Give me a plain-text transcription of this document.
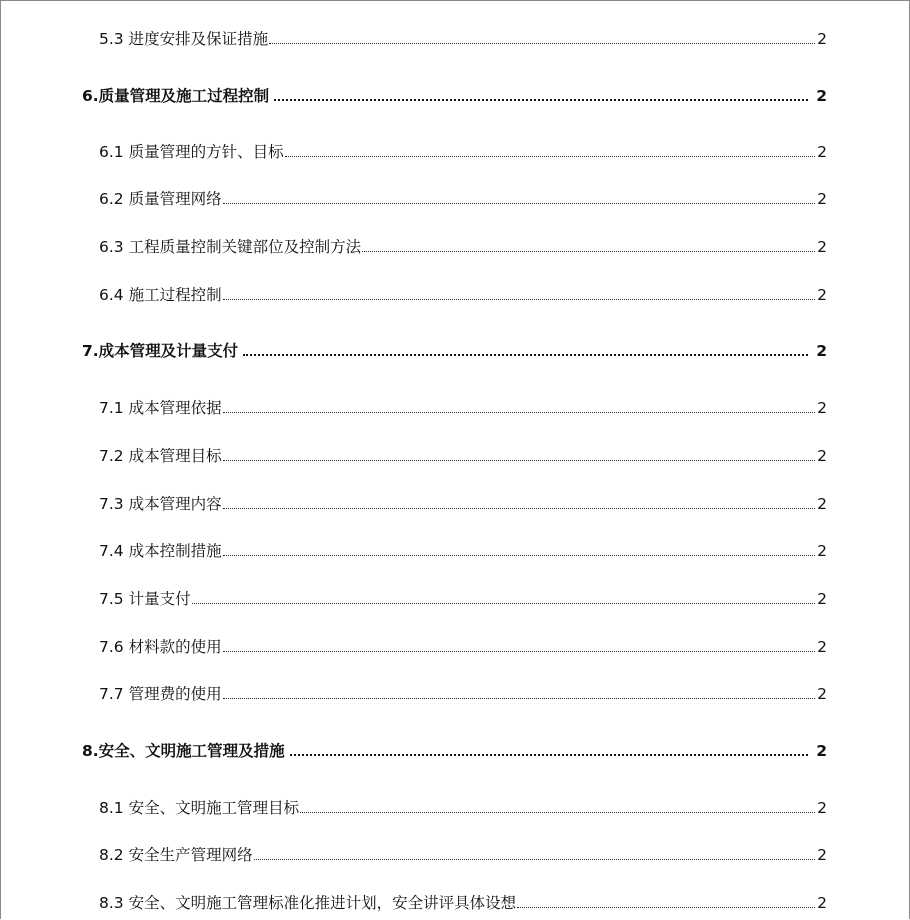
5.3 进度安排及保证措施	2
6.质量管理及施工过程控制	2
6.1 质量管理的方针、目标	2
6.2 质量管理网络	2
6.3 工程质量控制关键部位及控制方法	2
6.4 施工过程控制	2
7.成本管理及计量支付	2
7.1 成本管理依据	2
7.2 成本管理目标	2
7.3 成本管理内容	2
7.4 成本控制措施	2
7.5 计量支付	2
7.6 材料款的使用	2
7.7 管理费的使用	2
8.安全、文明施工管理及措施	2
8.1 安全、文明施工管理目标	2
8.2 安全生产管理网络	2
8.3 安全、文明施工管理标准化推进计划，安全讲评具体设想	2
